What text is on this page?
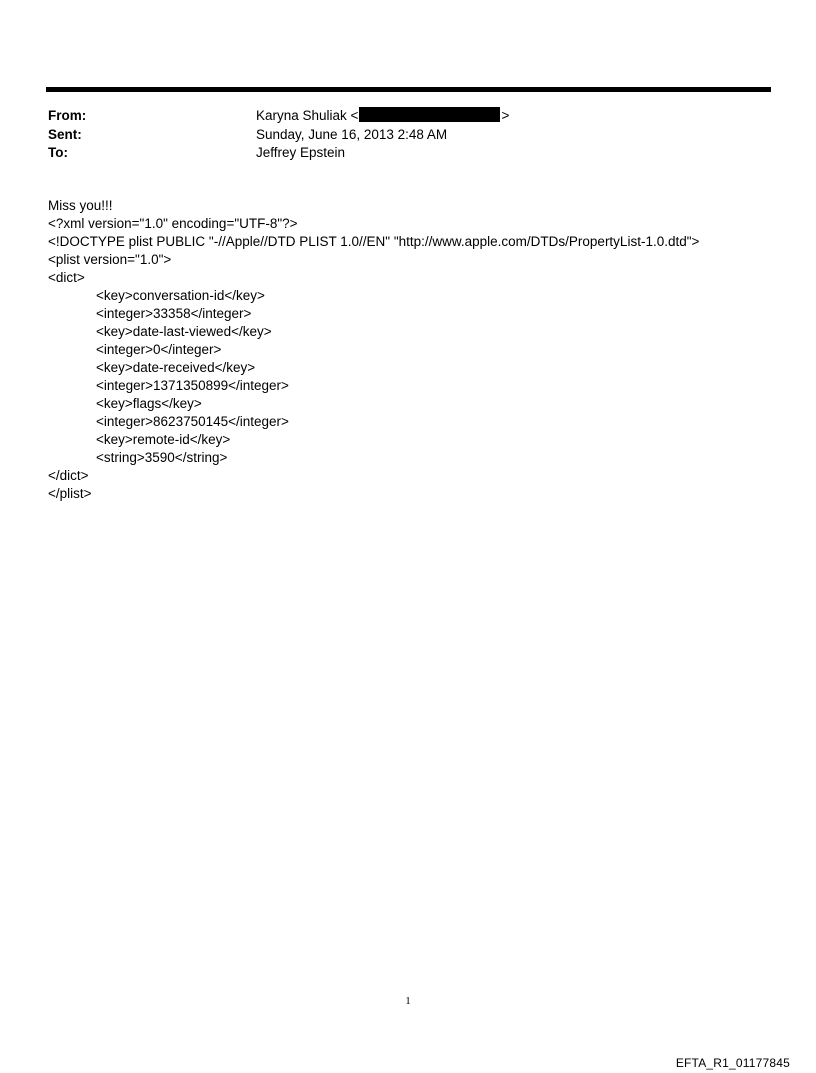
From:	Karyna Shuliak <	>
Sent:	Sunday, June 16, 2013 2:48 AM
To:	Jeffrey Epstein
Miss you!!!
<?xml version="1.0" encoding="UTF-8"?>
<!DOCTYPE plist PUBLIC "-//Apple//DTD PLIST 1.0//EN" "http://www.apple.com/DTDs/PropertyList-1.0.dtd">
<plist version="1.0">
<dict>
<key>conversation-id</key>
<integer>33358</integer>
<key>date-last-viewed</key>
<integer>0</integer>
<key>date-received</key>
<integer>1371350899</integer>
<key>flags</key>
<integer>8623750145</integer>
<key>remote-id</key>
<string>3590</string>
</dict>
</plist>
1
EFTA_R1_01177845
